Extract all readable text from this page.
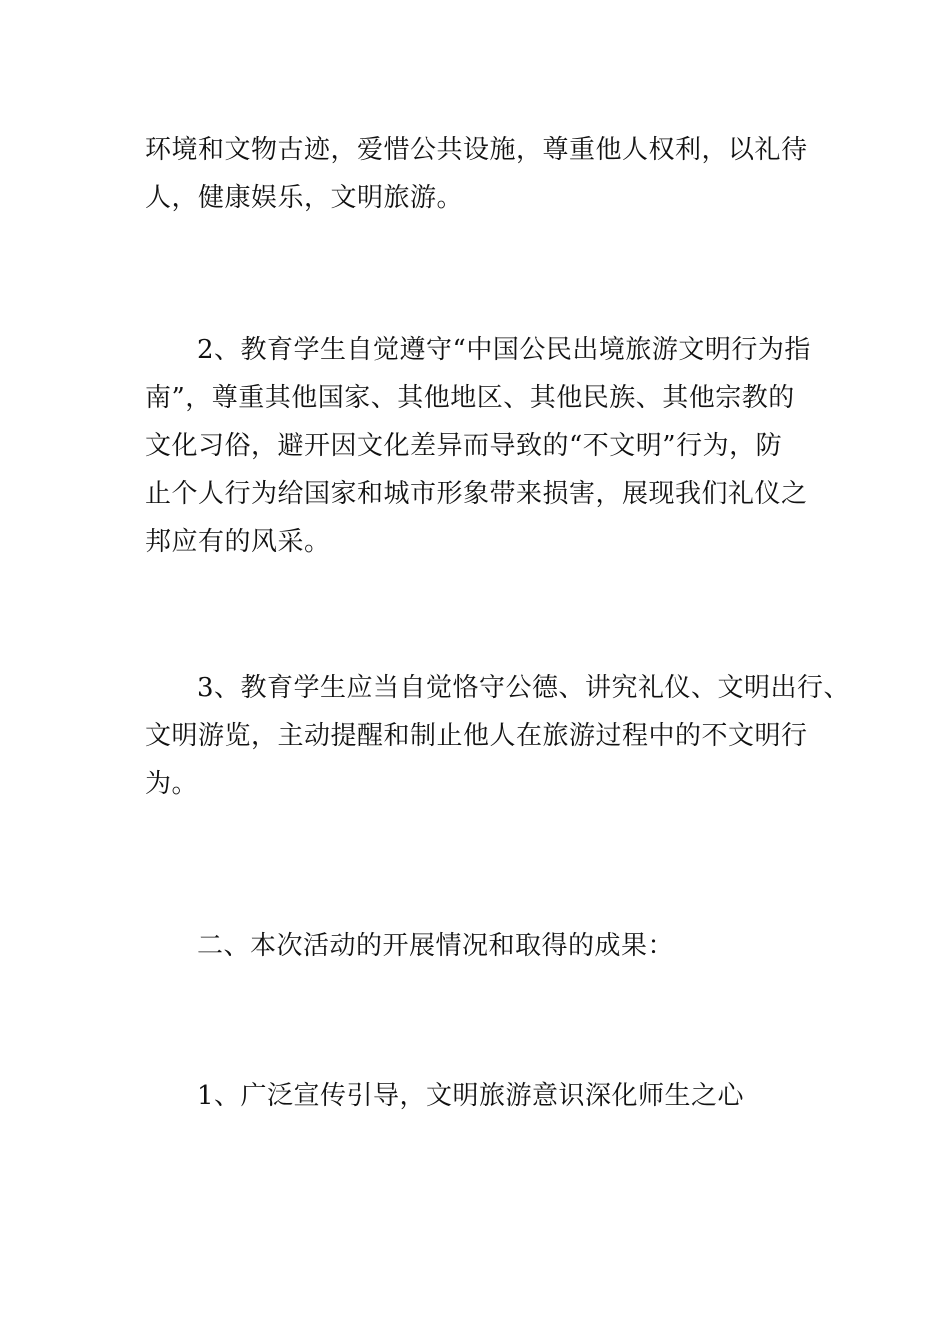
环境和文物古迹，爱惜公共设施，尊重他人权利，以礼待
人，健康娱乐，文明旅游。

2、教育学生自觉遵守“中国公民出境旅游文明行为指
南”，尊重其他国家、其他地区、其他民族、其他宗教的
文化习俗，避开因文化差异而导致的“不文明”行为，防
止个人行为给国家和城市形象带来损害，展现我们礼仪之
邦应有的风采。

3、教育学生应当自觉恪守公德、讲究礼仪、文明出行、
文明游览，主动提醒和制止他人在旅游过程中的不文明行
为。

二、本次活动的开展情况和取得的成果：

1、广泛宣传引导，文明旅游意识深化师生之心
